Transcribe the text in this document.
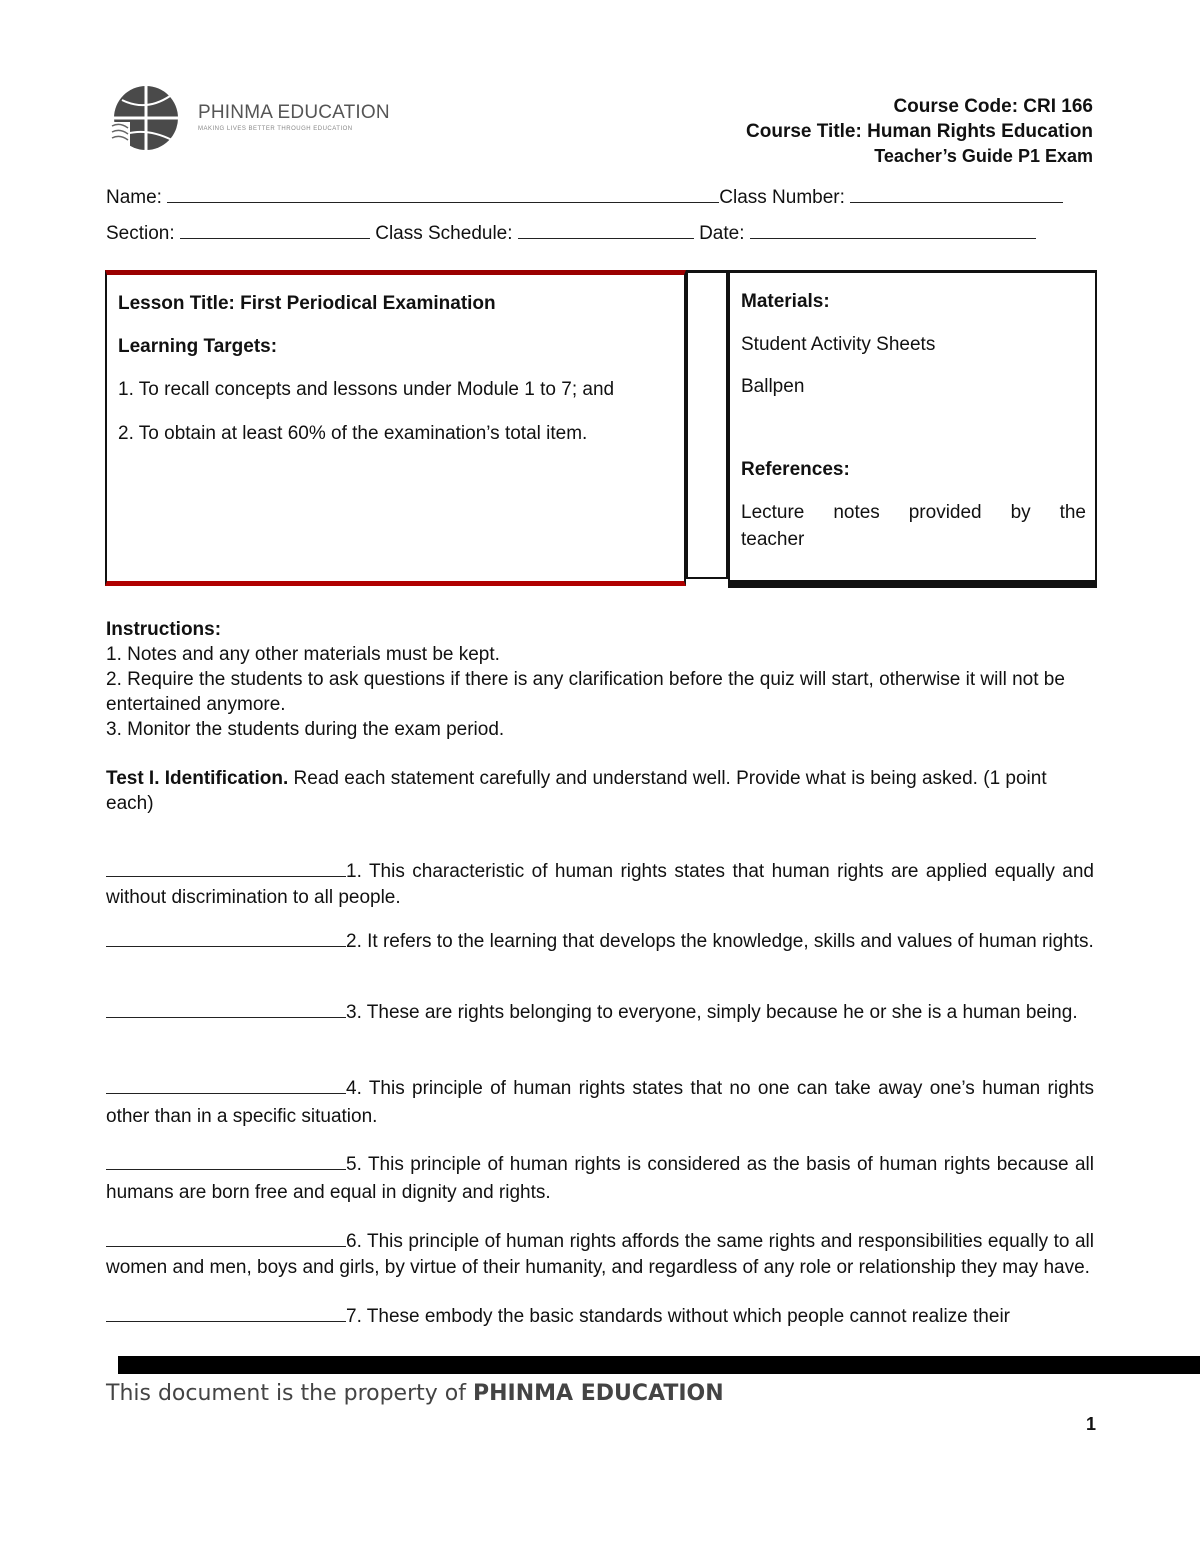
PHINMA EDUCATION
MAKING LIVES BETTER THROUGH EDUCATION
Course Code: CRI 166
Course Title: Human Rights Education
Teacher’s Guide P1 Exam
Name:	Class Number:
Section:	Class Schedule:	Date:
Lesson Title: First Periodical Examination
Learning Targets:
1. To recall concepts and lessons under Module 1 to 7; and
2. To obtain at least 60% of the examination’s total item.
Materials:
Student Activity Sheets
Ballpen
References:
Lecture notes provided by the
teacher
Instructions:
1. Notes and any other materials must be kept.
2. Require the students to ask questions if there is any clarification before the quiz will start, otherwise it will not be entertained anymore.
3. Monitor the students during the exam period.
Test I. Identification. Read each statement carefully and understand well. Provide what is being asked. (1 point each)
1. This characteristic of human rights states that human rights are applied equally and without discrimination to all people.
2. It refers to the learning that develops the knowledge, skills and values of human rights.
3. These are rights belonging to everyone, simply because he or she is a human being.
4. This principle of human rights states that no one can take away one’s human rights other than in a specific situation.
5. This principle of human rights is considered as the basis of human rights because all humans are born free and equal in dignity and rights.
6. This principle of human rights affords the same rights and responsibilities equally to all women and men, boys and girls, by virtue of their humanity, and regardless of any role or relationship they may have.
7. These embody the basic standards without which people cannot realize their
This document is the property of PHINMA EDUCATION
1
